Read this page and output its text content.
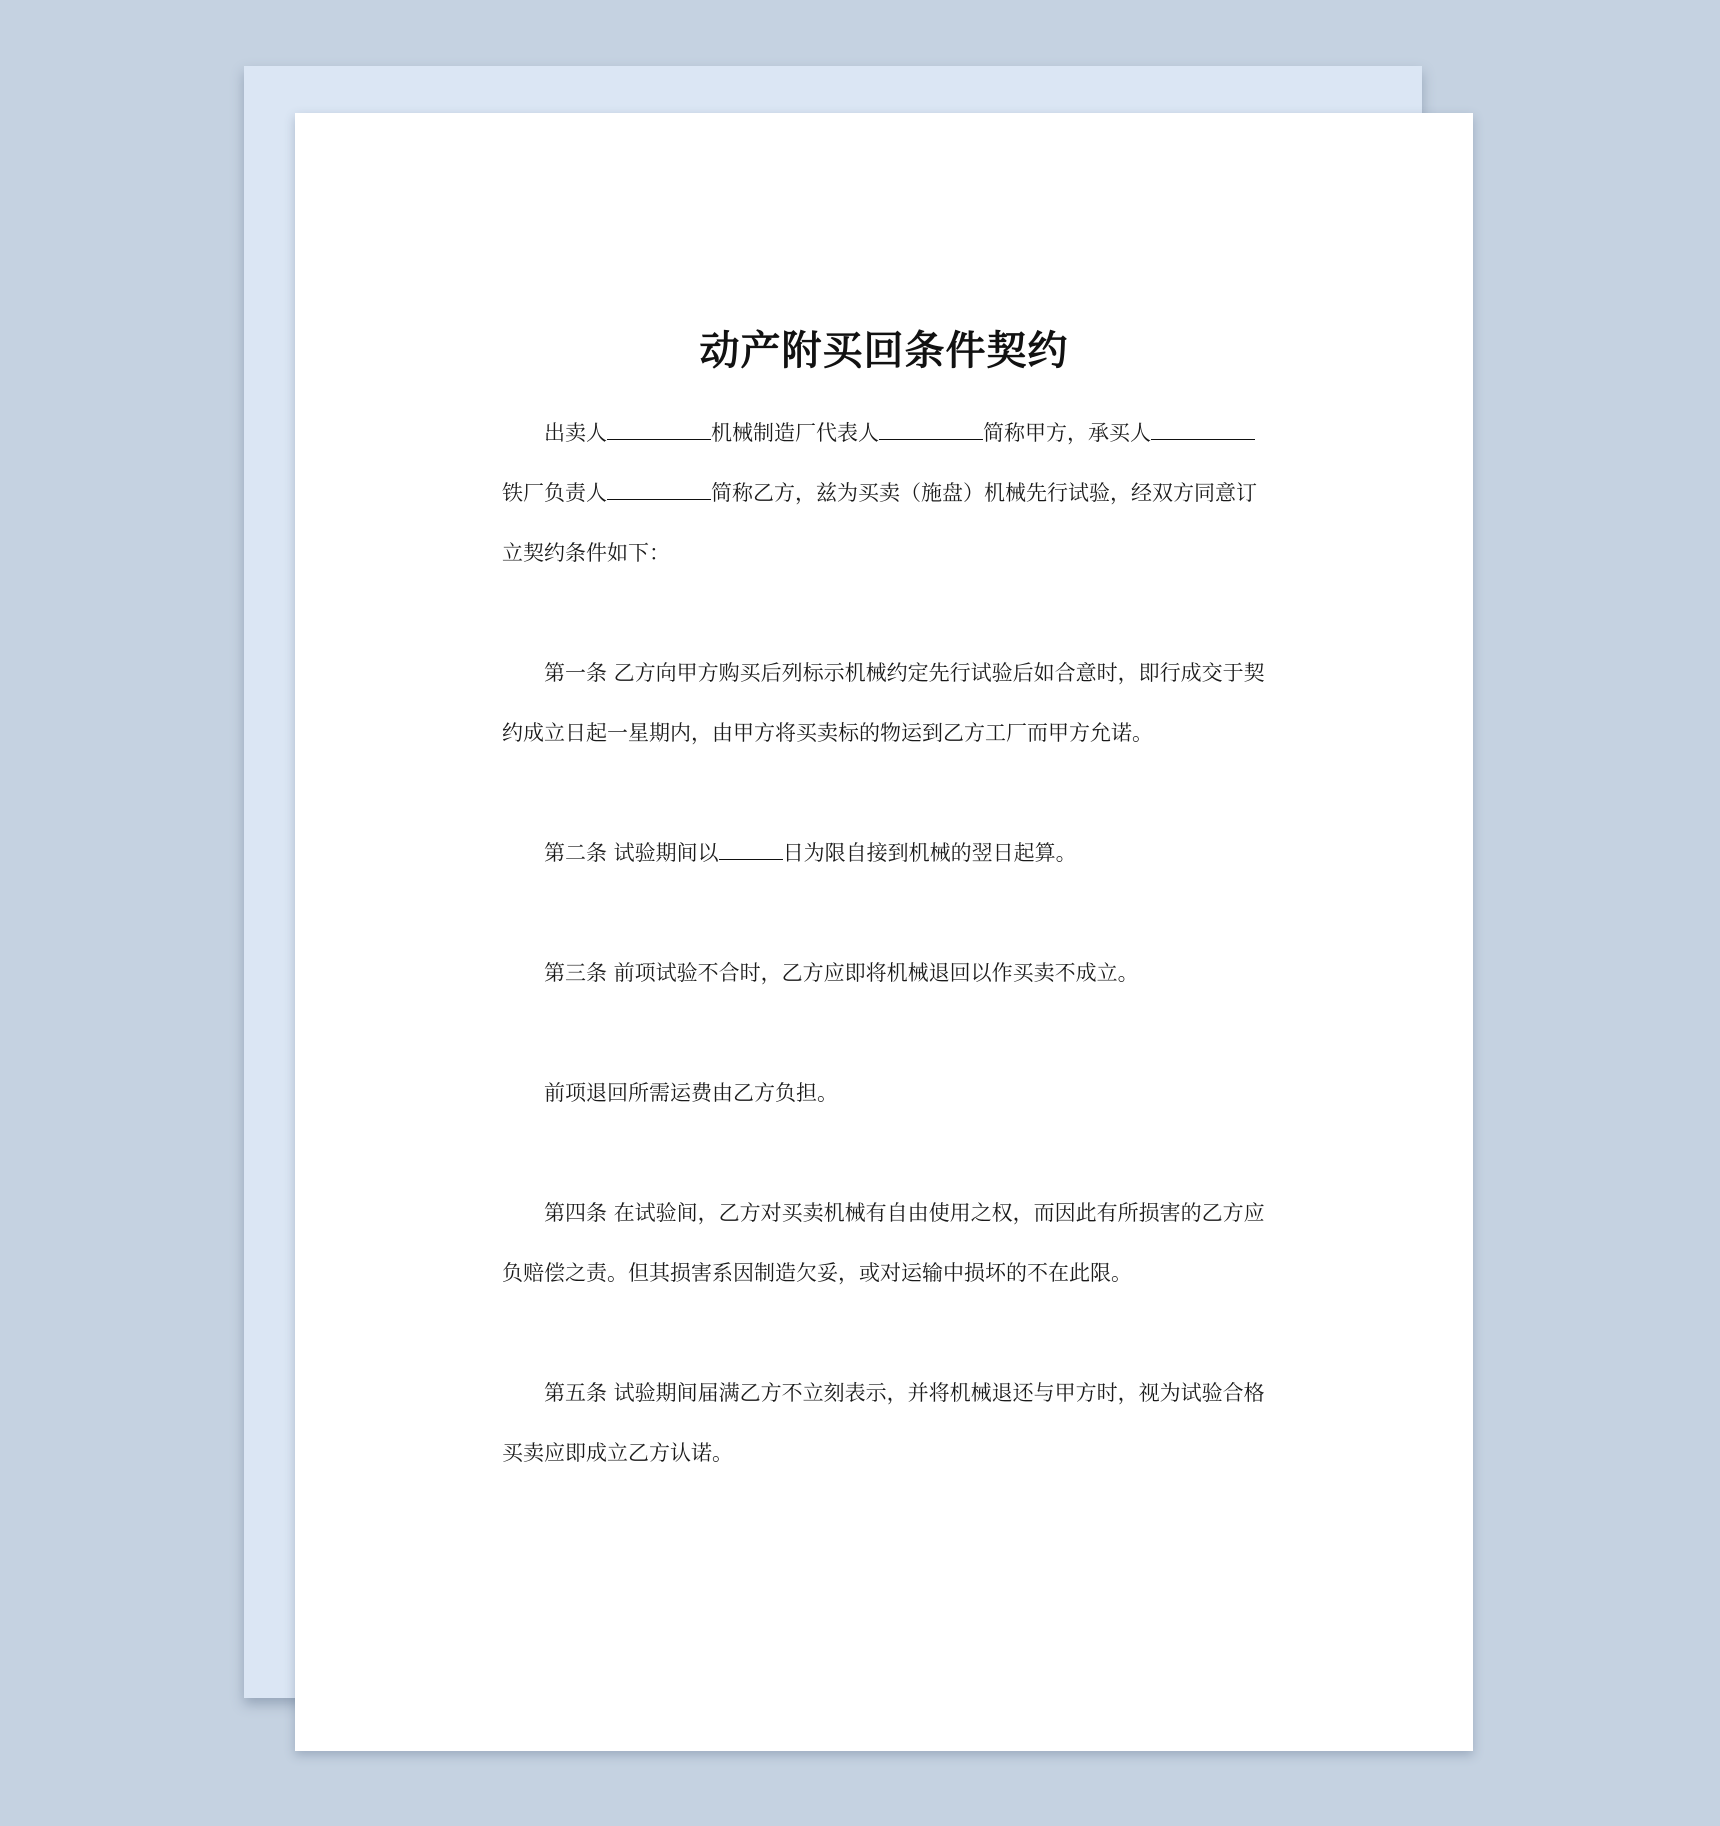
动产附买回条件契约

出卖人	机械制造厂代表人	简称甲方，承买人铁厂负责人	简称乙方，兹为买卖（施盘）机械先行试验，经双方同意订立契约条件如下：

第一条 乙方向甲方购买后列标示机械约定先行试验后如合意时，即行成交于契约成立日起一星期内，由甲方将买卖标的物运到乙方工厂而甲方允诺。

第二条 试验期间以	日为限自接到机械的翌日起算。

第三条 前项试验不合时，乙方应即将机械退回以作买卖不成立。

前项退回所需运费由乙方负担。

第四条 在试验间，乙方对买卖机械有自由使用之权，而因此有所损害的乙方应负赔偿之责。但其损害系因制造欠妥，或对运输中损坏的不在此限。

第五条 试验期间届满乙方不立刻表示，并将机械退还与甲方时，视为试验合格买卖应即成立乙方认诺。
